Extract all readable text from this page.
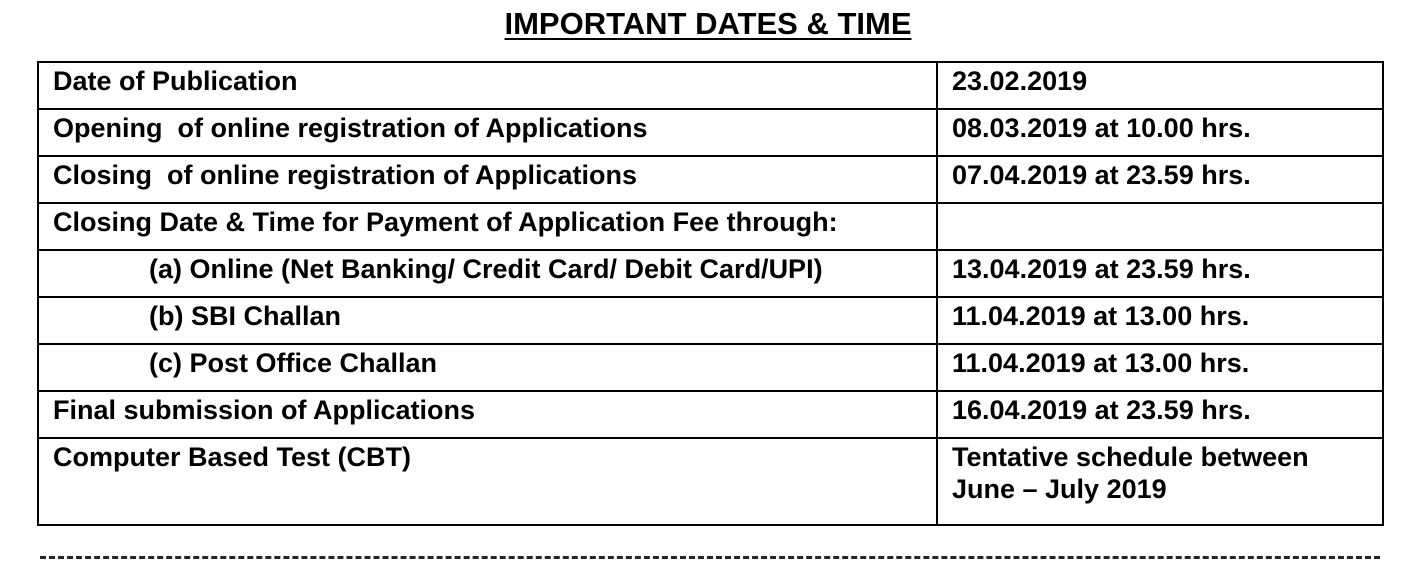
IMPORTANT DATES & TIME
Date of Publication	23.02.2019
Opening  of online registration of Applications	08.03.2019 at 10.00 hrs.
Closing  of online registration of Applications	07.04.2019 at 23.59 hrs.
Closing Date & Time for Payment of Application Fee through:	
(a) Online (Net Banking/ Credit Card/ Debit Card/UPI)	13.04.2019 at 23.59 hrs.
(b) SBI Challan	11.04.2019 at 13.00 hrs.
(c) Post Office Challan	11.04.2019 at 13.00 hrs.
Final submission of Applications	16.04.2019 at 23.59 hrs.
Computer Based Test (CBT)	Tentative schedule between June – July 2019
